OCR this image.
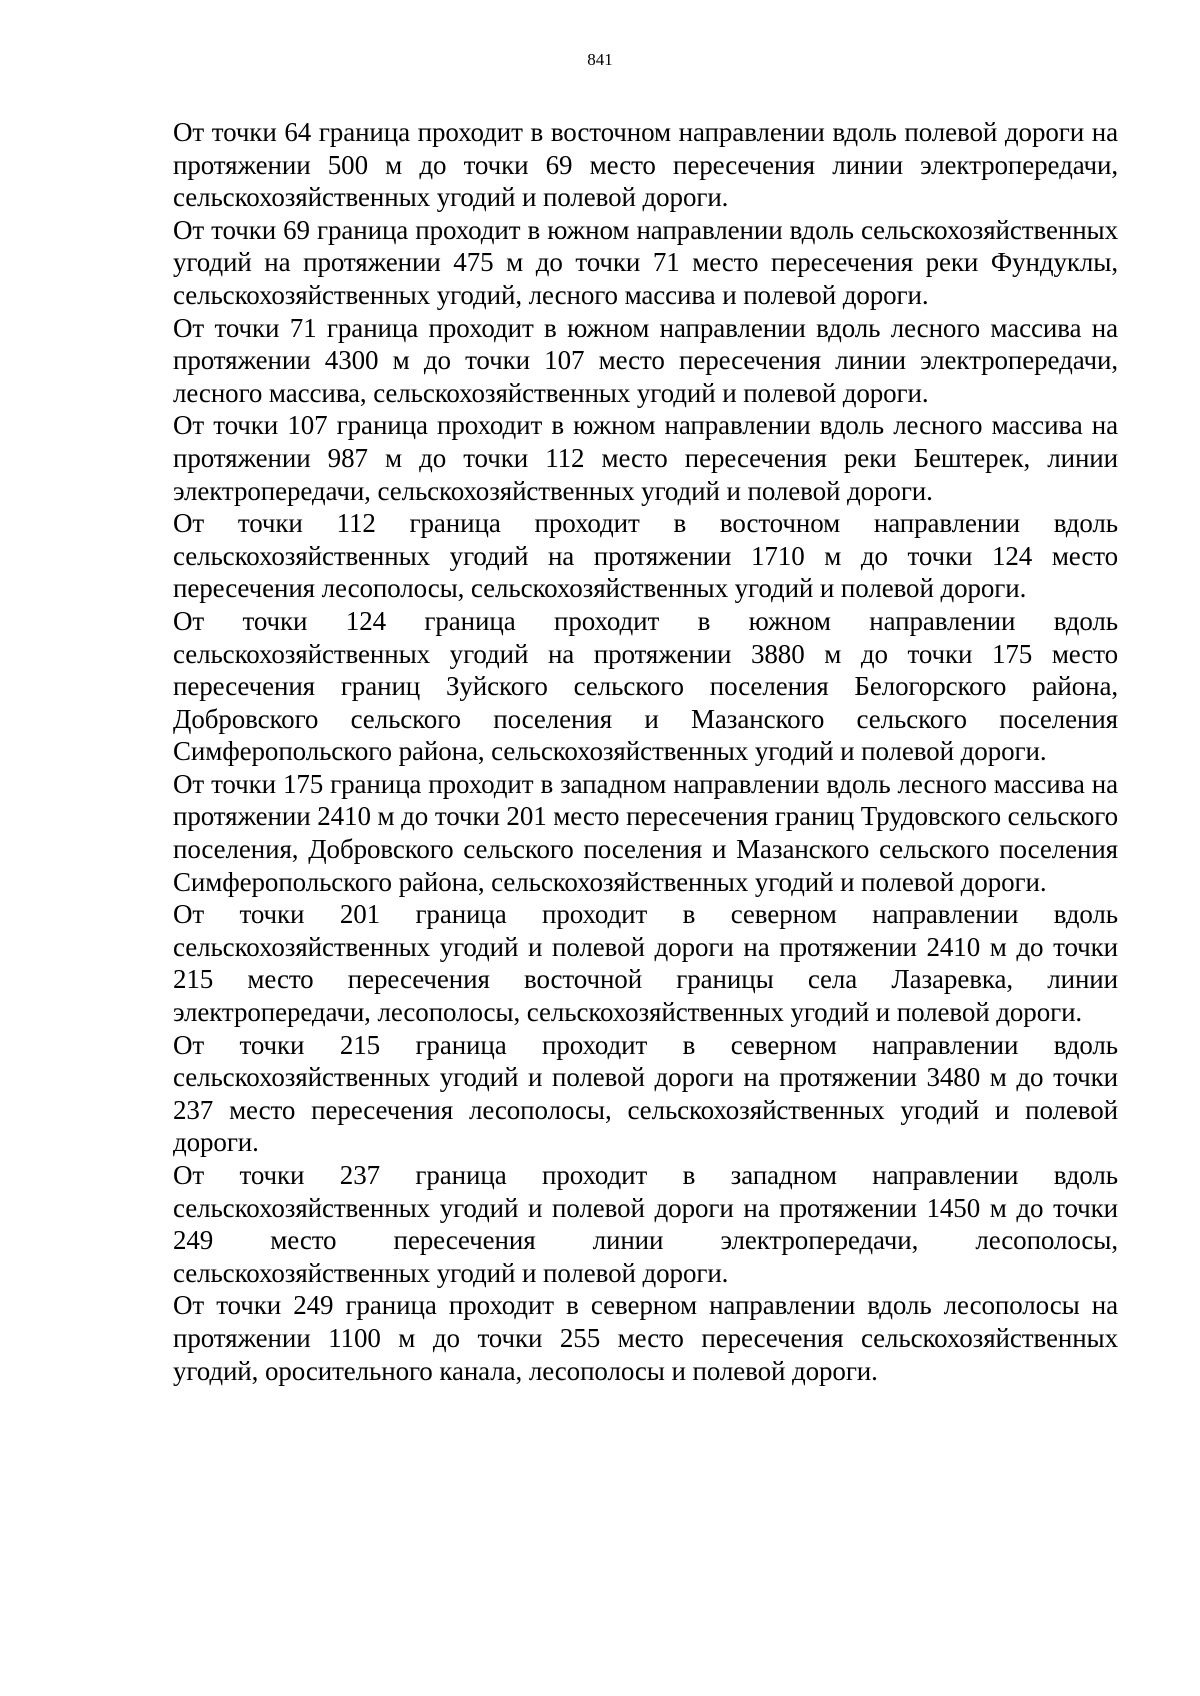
841

От точки 64 граница проходит в восточном направлении вдоль полевой дороги на протяжении 500 м до точки 69 место пересечения линии электропередачи, сельскохозяйственных угодий и полевой дороги.

От точки 69 граница проходит в южном направлении вдоль сельскохозяйственных угодий на протяжении 475 м до точки 71 место пересечения реки Фундуклы, сельскохозяйственных угодий, лесного массива и полевой дороги.

От точки 71 граница проходит в южном направлении вдоль лесного массива на протяжении 4300 м до точки 107 место пересечения линии электропередачи, лесного массива, сельскохозяйственных угодий и полевой дороги.

От точки 107 граница проходит в южном направлении вдоль лесного массива на протяжении 987 м до точки 112 место пересечения реки Бештерек, линии электропередачи, сельскохозяйственных угодий и полевой дороги.

От точки 112 граница проходит в восточном направлении вдоль сельскохозяйственных угодий на протяжении 1710 м до точки 124 место пересечения лесополосы, сельскохозяйственных угодий и полевой дороги.

От точки 124 граница проходит в южном направлении вдоль сельскохозяйственных угодий на протяжении 3880 м до точки 175 место пересечения границ Зуйского сельского поселения Белогорского района, Добровского сельского поселения и Мазанского сельского поселения Симферопольского района, сельскохозяйственных угодий и полевой дороги.

От точки 175 граница проходит в западном направлении вдоль лесного массива на протяжении 2410 м до точки 201 место пересечения границ Трудовского сельского поселения, Добровского сельского поселения и Мазанского сельского поселения Симферопольского района, сельскохозяйственных угодий и полевой дороги.

От точки 201 граница проходит в северном направлении вдоль сельскохозяйственных угодий и полевой дороги на протяжении 2410 м до точки 215 место пересечения восточной границы села Лазаревка, линии электропередачи, лесополосы, сельскохозяйственных угодий и полевой дороги.

От точки 215 граница проходит в северном направлении вдоль сельскохозяйственных угодий и полевой дороги на протяжении 3480 м до точки 237 место пересечения лесополосы, сельскохозяйственных угодий и полевой дороги.

От точки 237 граница проходит в западном направлении вдоль сельскохозяйственных угодий и полевой дороги на протяжении 1450 м до точки 249 место пересечения линии электропередачи, лесополосы, сельскохозяйственных угодий и полевой дороги.

От точки 249 граница проходит в северном направлении вдоль лесополосы на протяжении 1100 м до точки 255 место пересечения сельскохозяйственных угодий, оросительного канала, лесополосы и полевой дороги.
